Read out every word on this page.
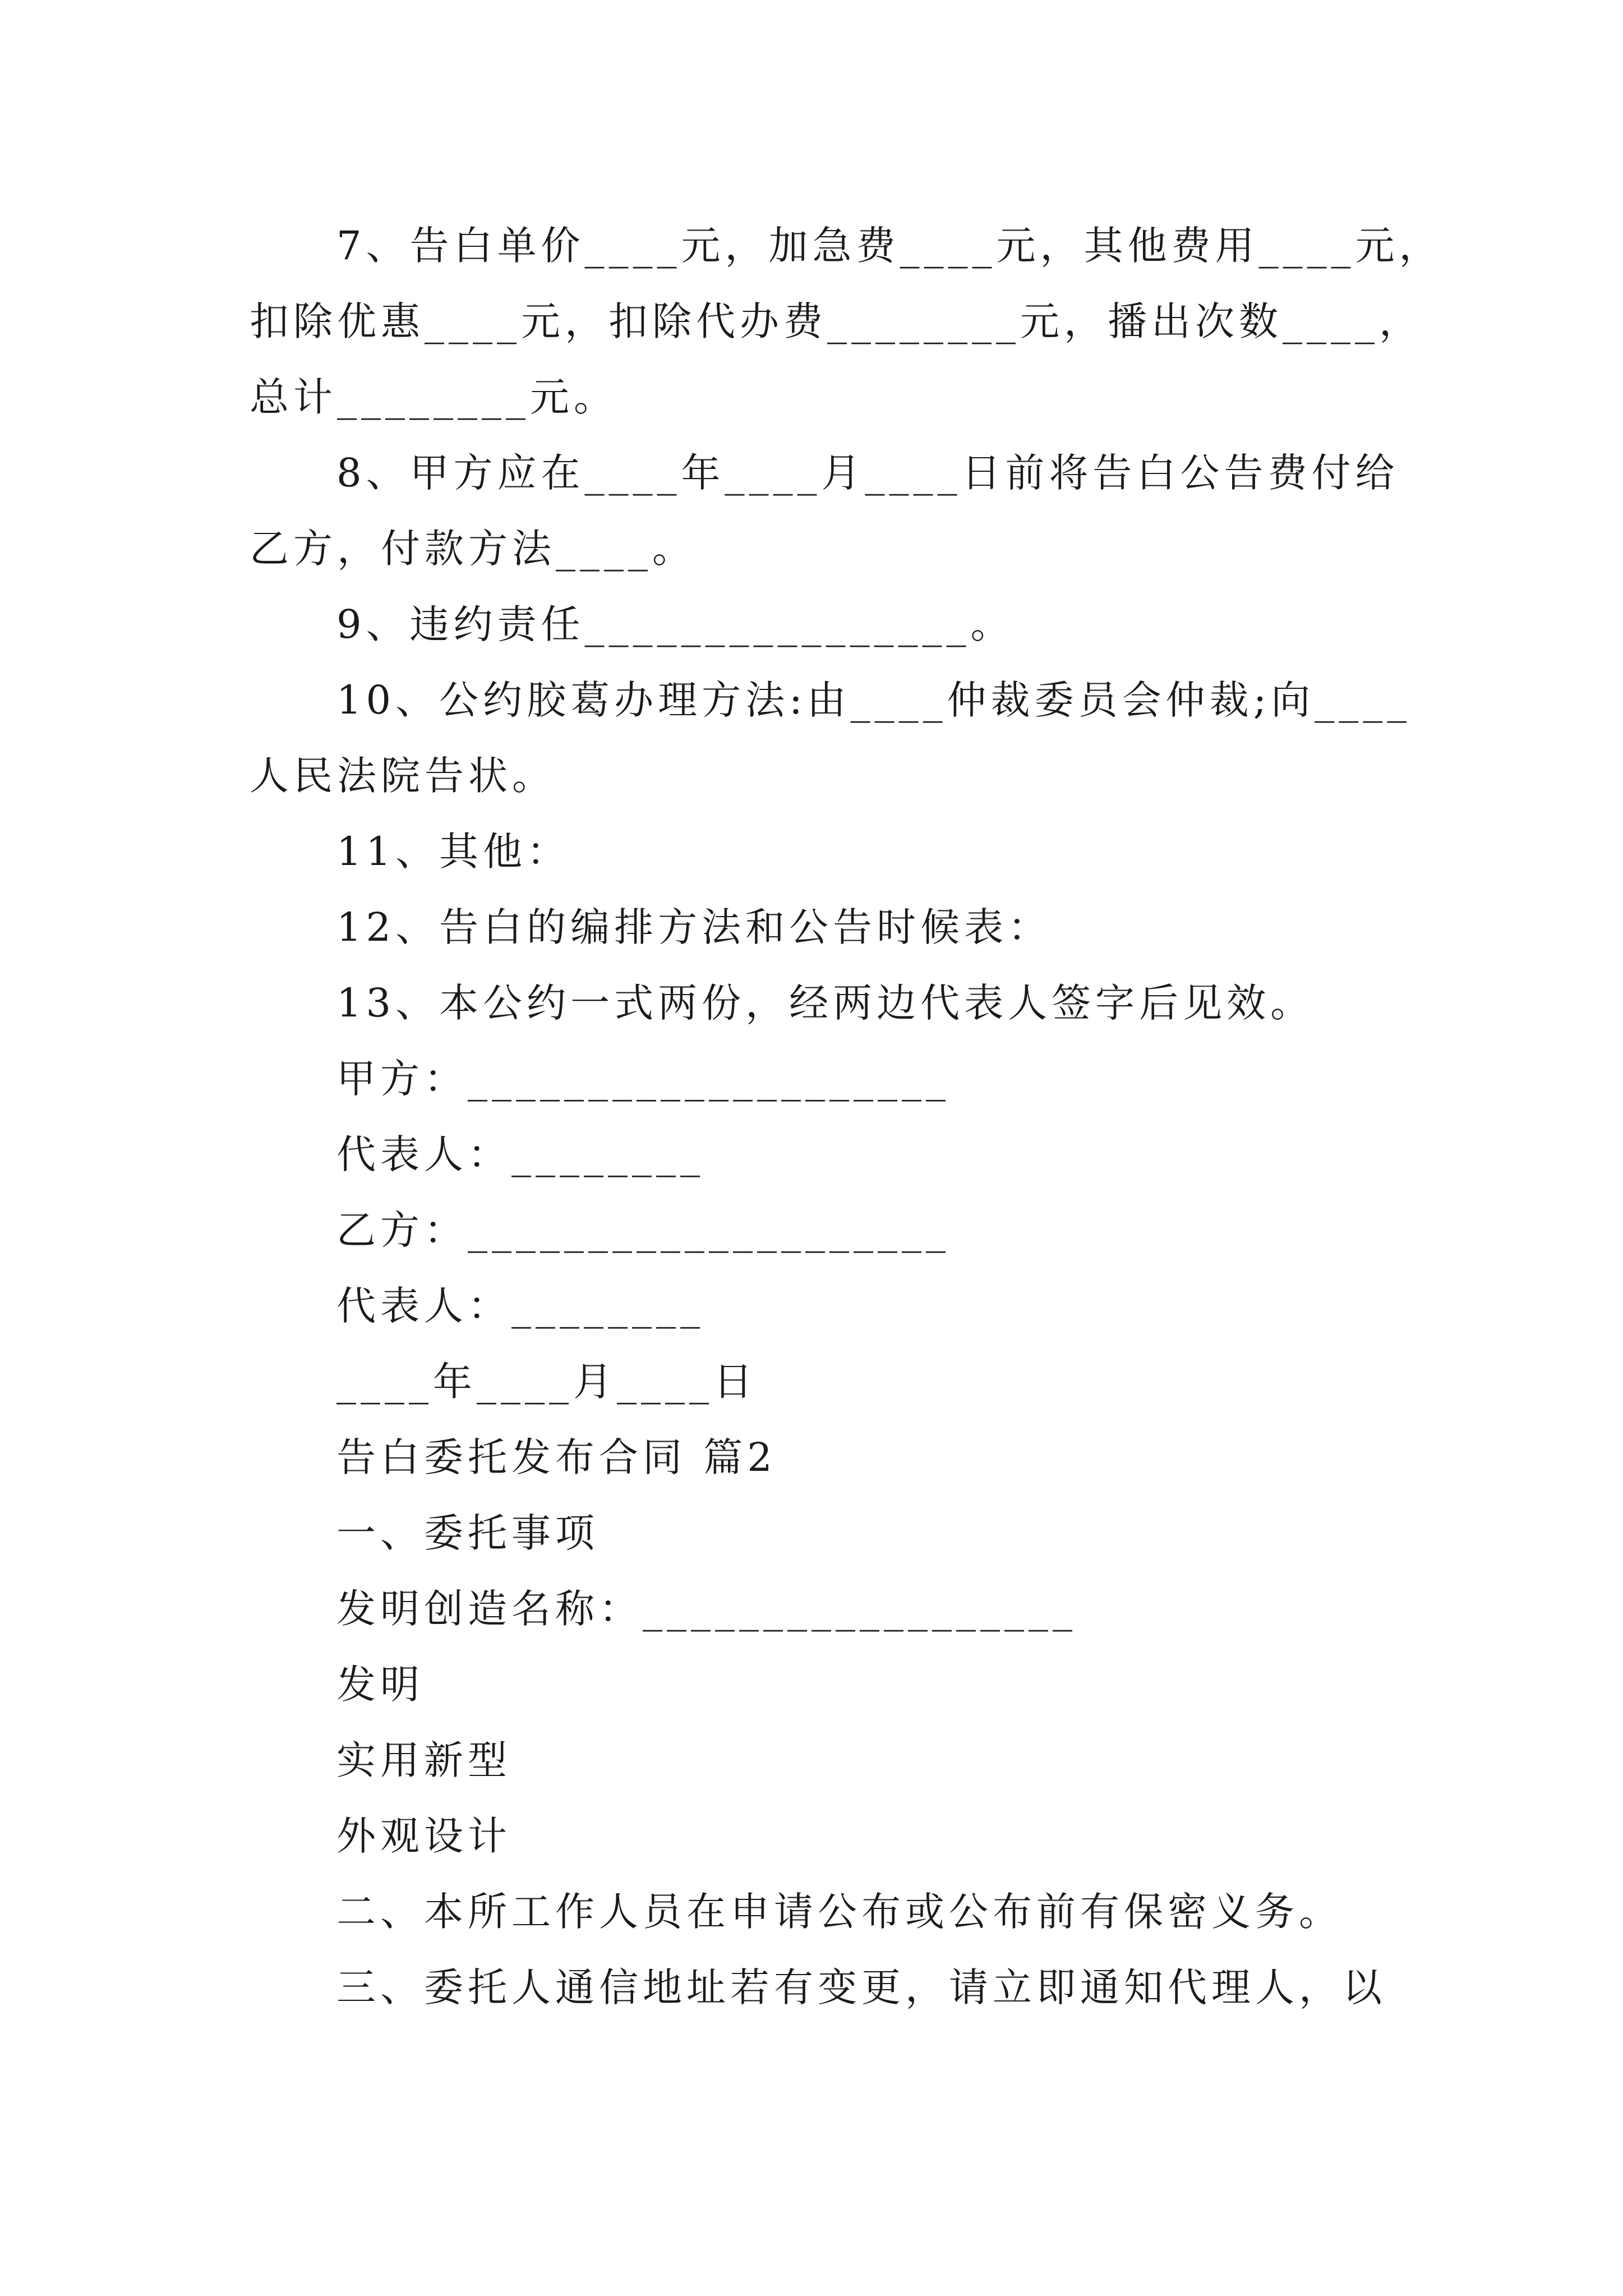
7、告白单价____元，加急费____元，其他费用____元，
扣除优惠____元，扣除代办费________元，播出次数____，
总计________元。
8、甲方应在____年____月____日前将告白公告费付给
乙方，付款方法____。
9、违约责任________________。
10、公约胶葛办理方法:由____仲裁委员会仲裁;向____
人民法院告状。
11、其他：
12、告白的编排方法和公告时候表：
13、本公约一式两份，经两边代表人签字后见效。
甲方：____________________
代表人：________
乙方：____________________
代表人：________
____年____月____日
告白委托发布合同 篇2
一、委托事项
发明创造名称：__________________
发明
实用新型
外观设计
二、本所工作人员在申请公布或公布前有保密义务。
三、委托人通信地址若有变更，请立即通知代理人，以
